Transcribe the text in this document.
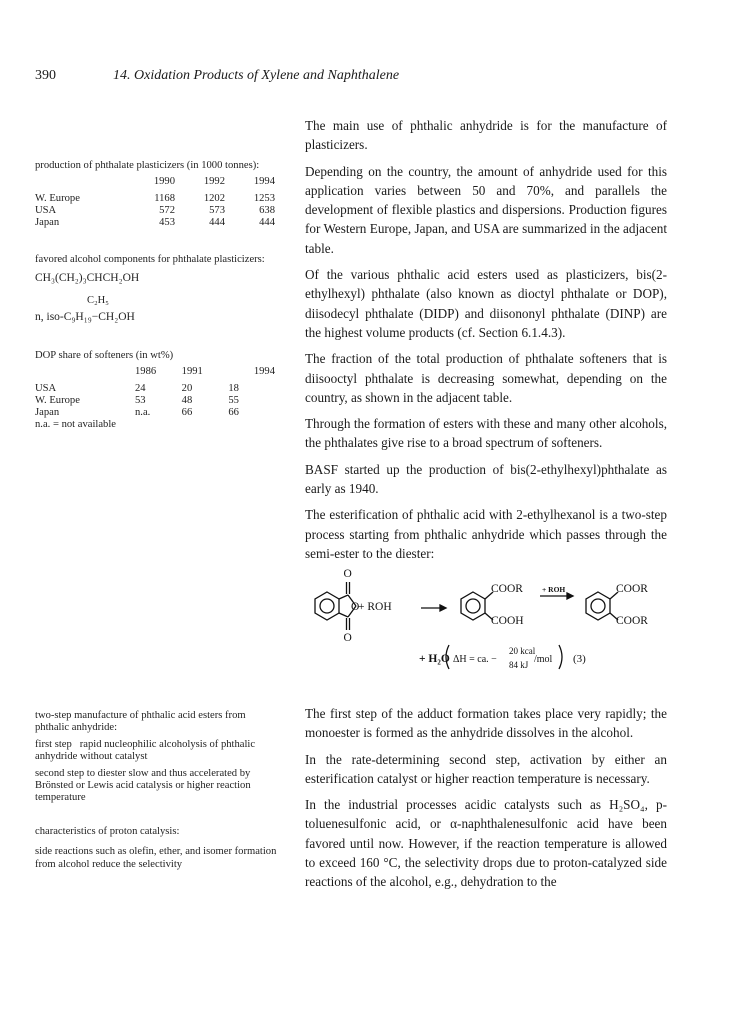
390	14. Oxidation Products of Xylene and Naphthalene

production of phthalate plasticizers (in 1000 tonnes):

	1990	1992	1994

W. Europe	1168	1202	1253
USA	572	573	638
Japan	453	444	444

favored alcohol components for phthalate plasticizers:

CH₃(CH₂)₃CHCH₂OH
C₂H₅
n, iso-C₉H₁₉−CH₂OH

DOP share of softeners (in wt%)

	1986	1991	1994

USA	24	20	18
W. Europe	53	48	55
Japan	n.a.	66	66
n.a. = not available

two-step manufacture of phthalic acid esters from phthalic anhydride:

first step   rapid nucleophilic alcoholysis of phthalic anhydride without catalyst

second step to diester slow and thus accelerated by Brönsted or Lewis acid catalysis or higher reaction temperature

characteristics of proton catalysis:

side reactions such as olefin, ether, and isomer formation from alcohol reduce the selectivity

The main use of phthalic anhydride is for the manufacture of plasticizers.

Depending on the country, the amount of anhydride used for this application varies between 50 and 70%, and parallels the development of flexible plastics and dispersions. Production figures for Western Europe, Japan, and USA are summarized in the adjacent table.

Of the various phthalic acid esters used as plasticizers, bis(2-ethylhexyl) phthalate (also known as dioctyl phthalate or DOP), diisodecyl phthalate (DIDP) and diisononyl phthalate (DINP) are the highest volume products (cf. Section 6.1.4.3).

The fraction of the total production of phthalate softeners that is diisooctyl phthalate is decreasing somewhat, depending on the country, as shown in the adjacent table.

Through the formation of esters with these and many other alcohols, the phthalates give rise to a broad spectrum of softeners.

BASF started up the production of bis(2-ethylhexyl)phthalate as early as 1940.

The esterification of phthalic acid with 2-ethylhexanol is a two-step process starting from phthalic anhydride which passes through the semi-ester to the diester:

O
O
O
+ ROH
COOR
COOH
+ ROH	COOR
COOR
+ H₂O ΔH = ca. −
20 kcal
84 kJ /mol (3)

The first step of the adduct formation takes place very rapidly; the monoester is formed as the anhydride dissolves in the alcohol.

In the rate-determining second step, activation by either an esterification catalyst or higher reaction temperature is necessary.

In the industrial processes acidic catalysts such as H₂SO₄, p-toluenesulfonic acid, or α-naphthalenesulfonic acid have been favored until now. However, if the reaction temperature is allowed to exceed 160 °C, the selectivity drops due to proton-catalyzed side reactions of the alcohol, e.g., dehydration to the
